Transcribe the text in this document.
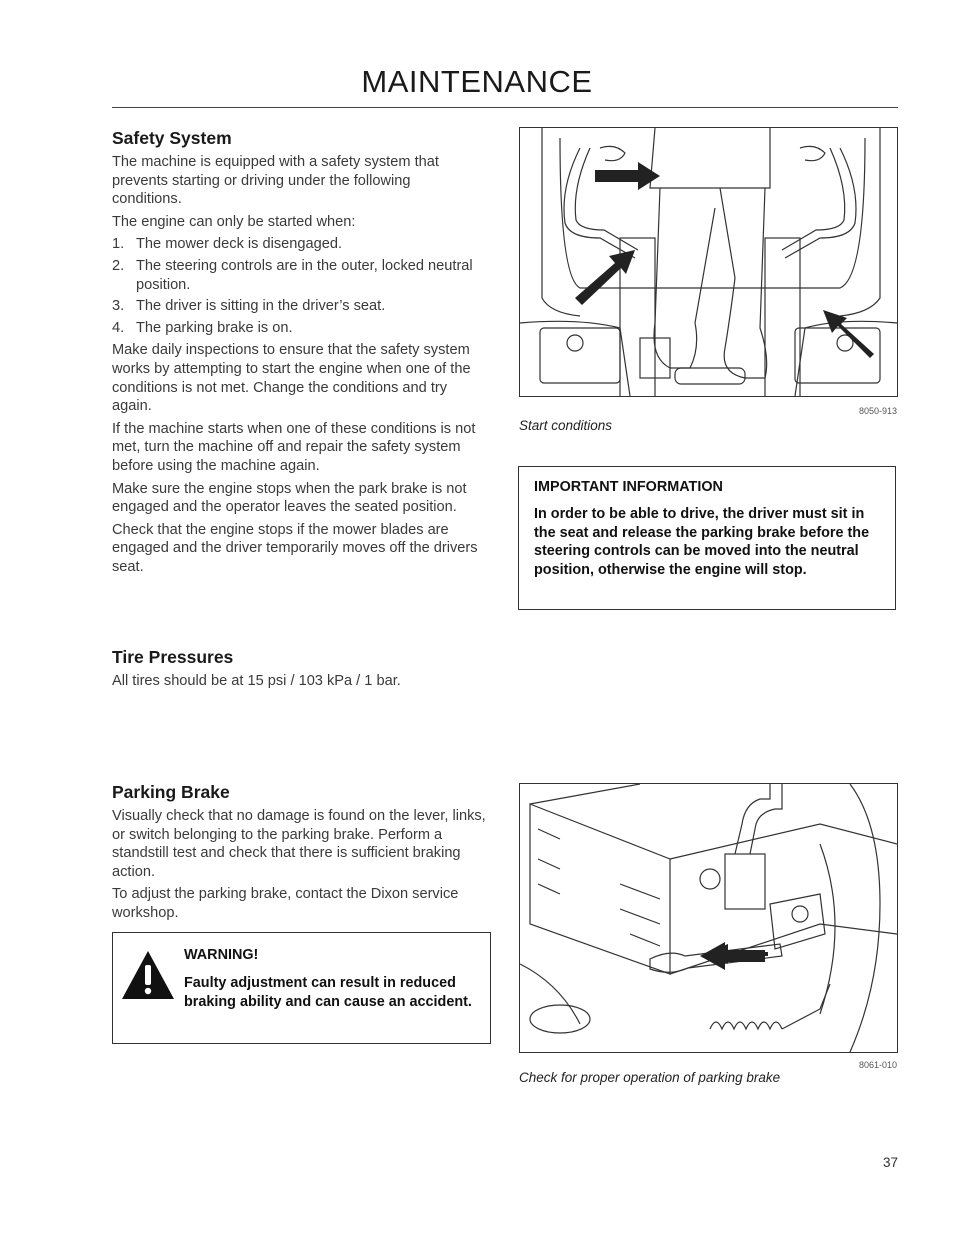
MAINTENANCE
Safety System

The machine is equipped with a safety system that prevents starting or driving under the following conditions.

The engine can only be started when:

1. The mower deck is disengaged.
2. The steering controls are in the outer, locked neutral position.
3. The driver is sitting in the driver’s seat.
4. The parking brake is on.

Make daily inspections to ensure that the safety system works by attempting to start the engine when one of the conditions is not met. Change the conditions and try again.

If the machine starts when one of these conditions is not met, turn the machine off and repair the safety system before using the machine again.

Make sure the engine stops when the park brake is not engaged and the operator leaves the seated position.

Check that the engine stops if the mower blades are engaged and the driver temporarily moves off the drivers seat.

8050-913
Start conditions
IMPORTANT INFORMATION
In order to be able to drive, the driver must sit in the seat and release the parking brake before the steering controls can be moved into the neutral position, otherwise the engine will stop.
Tire Pressures

All tires should be at 15 psi / 103 kPa / 1 bar.

Parking Brake

Visually check that no damage is found on the lever, links, or switch belonging to the parking brake. Perform a standstill test and check that there is sufficient braking action.

To adjust the parking brake, contact the Dixon service workshop.

WARNING!
Faulty adjustment can result in reduced braking ability and can cause an accident.
8061-010
Check for proper operation of parking brake
37
